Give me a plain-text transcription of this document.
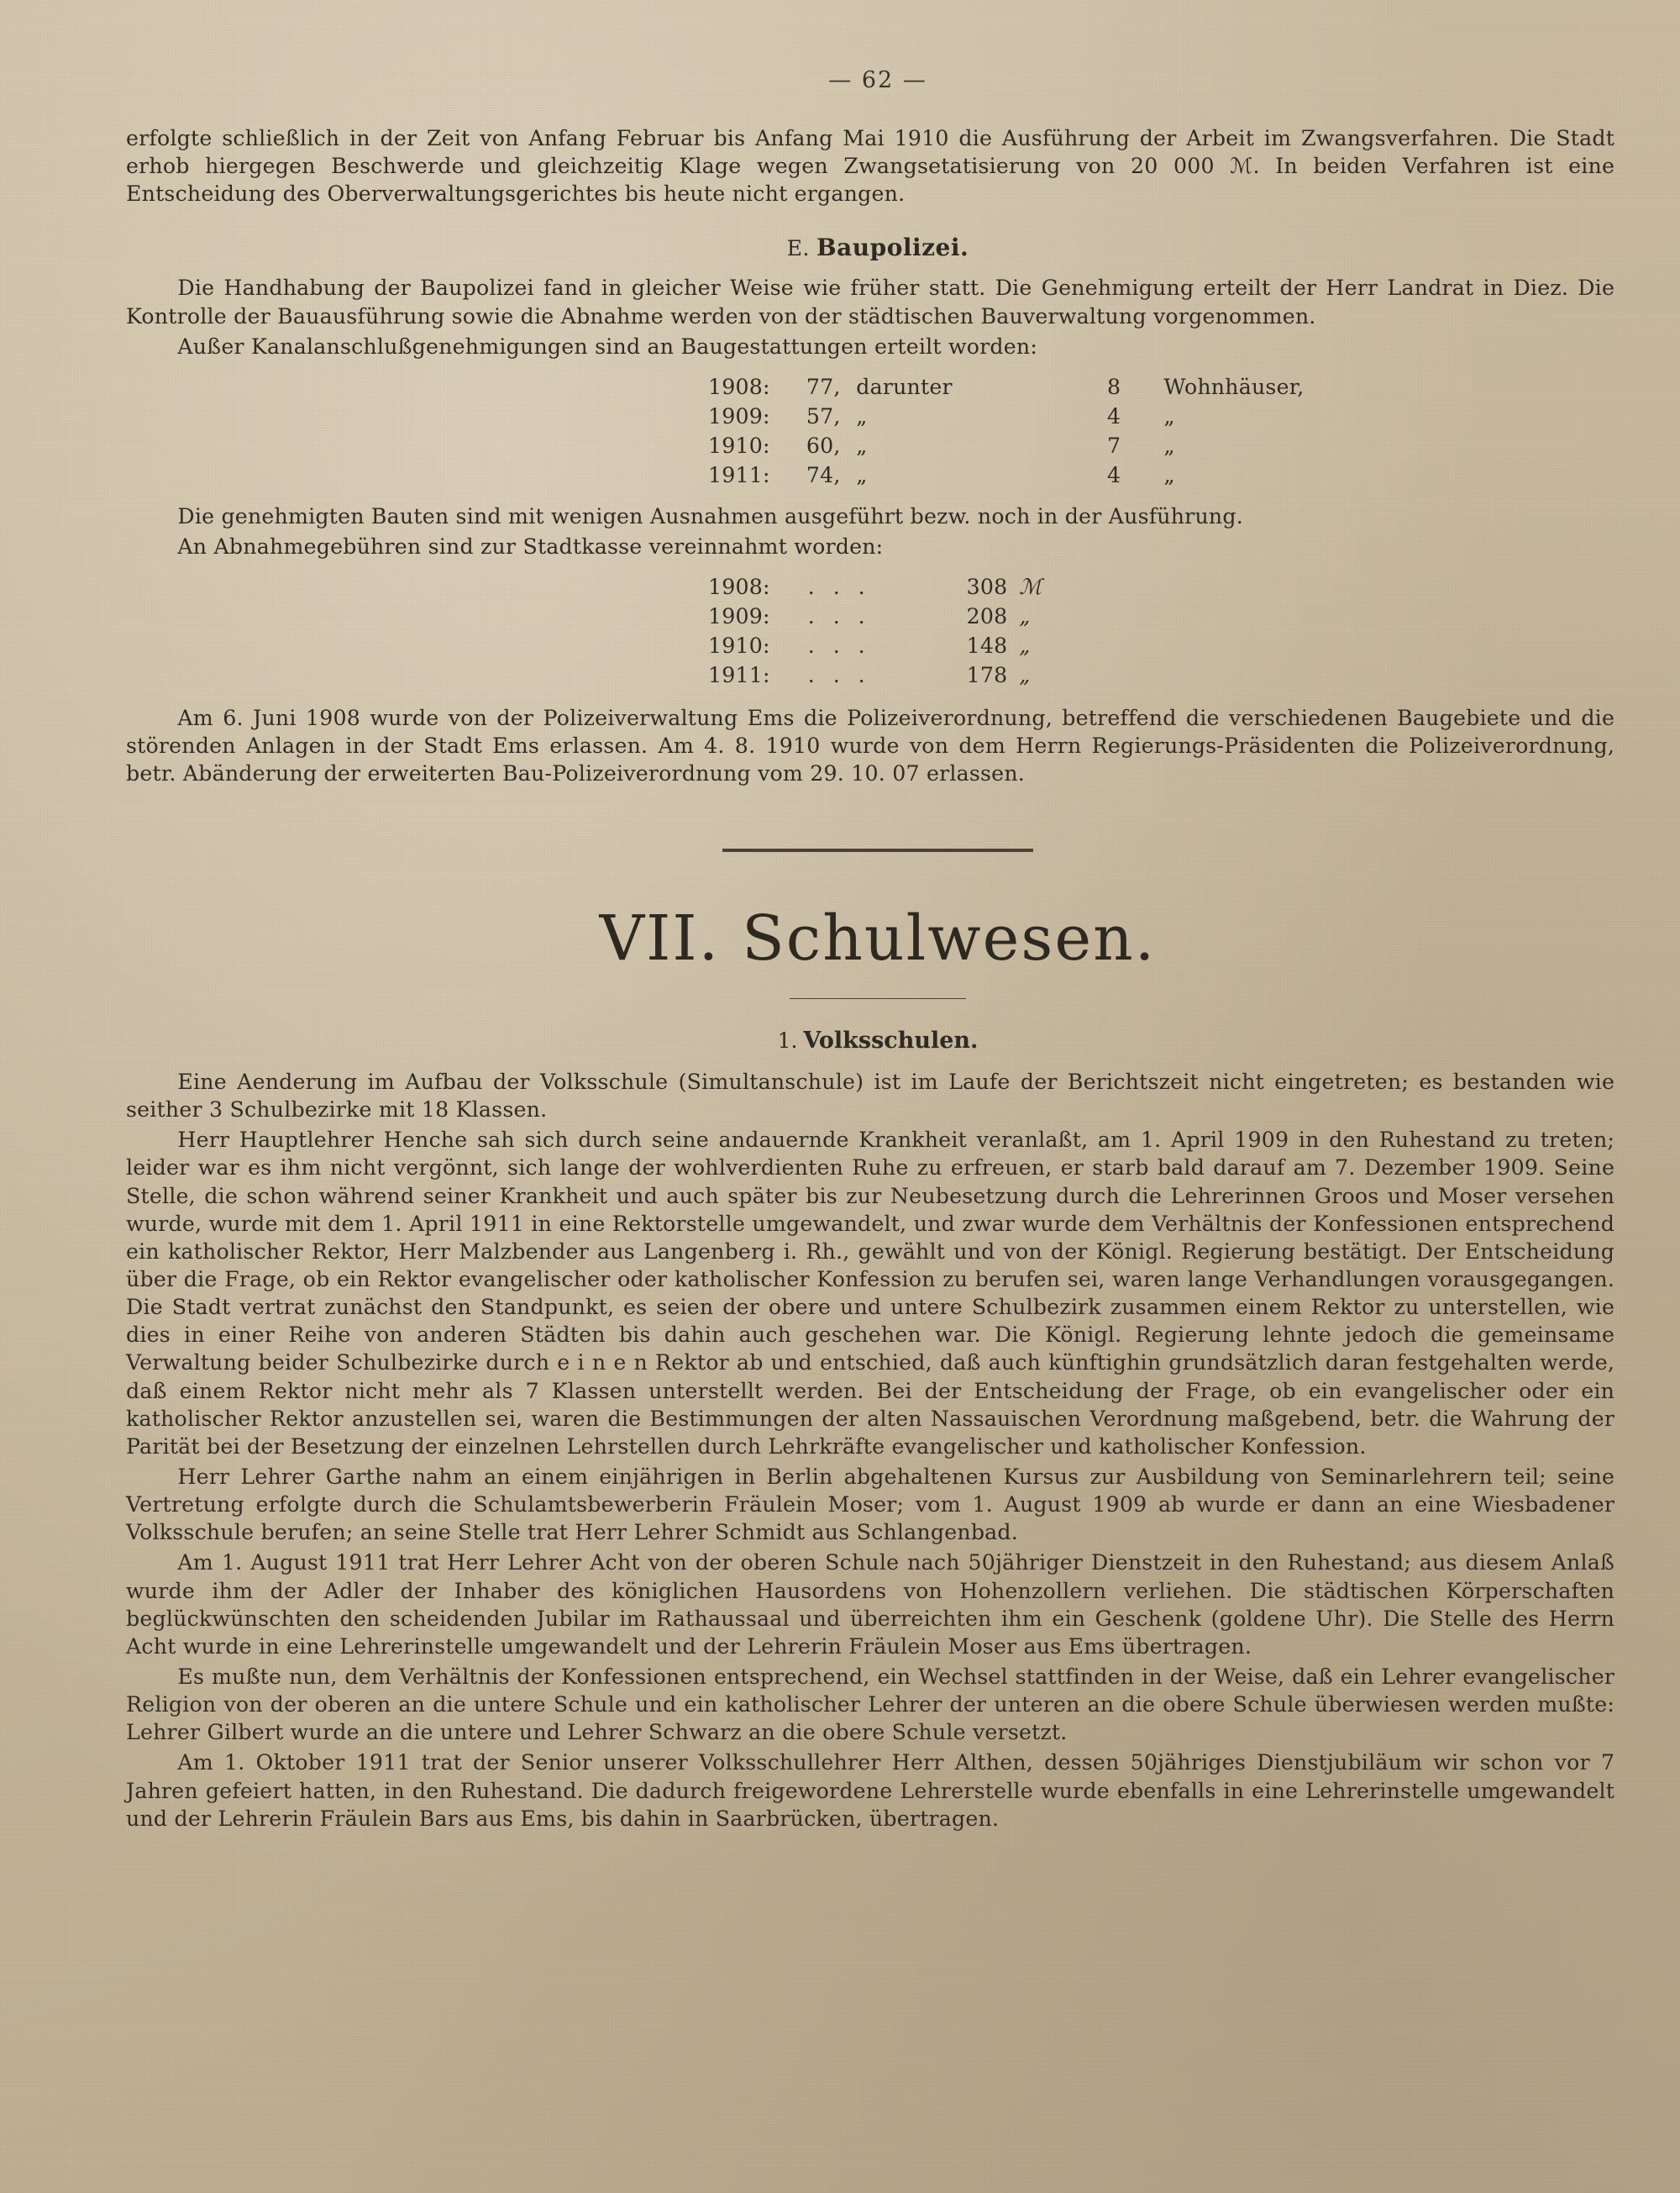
— 62 —

erfolgte schließlich in der Zeit von Anfang Februar bis Anfang Mai 1910 die Ausführung der Arbeit im Zwangsverfahren. Die Stadt erhob hiergegen Beschwerde und gleichzeitig Klage wegen Zwangsetatisierung von 20 000 ℳ. In beiden Verfahren ist eine Entscheidung des Oberverwaltungsgerichtes bis heute nicht ergangen.

E. Baupolizei.

Die Handhabung der Baupolizei fand in gleicher Weise wie früher statt. Die Genehmigung erteilt der Herr Landrat in Diez. Die Kontrolle der Bauausführung sowie die Abnahme werden von der städtischen Bauverwaltung vorgenommen.

Außer Kanalanschlußgenehmigungen sind an Baugestattungen erteilt worden:

1908:	77, darunter	8	Wohnhäuser,
1909:	57, „	4	„
1910:	60, „	7	„
1911:	74, „	4	„

Die genehmigten Bauten sind mit wenigen Ausnahmen ausgeführt bezw. noch in der Ausführung.

An Abnahmegebühren sind zur Stadtkasse vereinnahmt worden:

1908:	. . .	308 ℳ
1909:	. . .	208 „
1910:	. . .	148 „
1911:	. . .	178 „

Am 6. Juni 1908 wurde von der Polizeiverwaltung Ems die Polizeiverordnung, betreffend die verschiedenen Baugebiete und die störenden Anlagen in der Stadt Ems erlassen. Am 4. 8. 1910 wurde von dem Herrn Regierungs-Präsidenten die Polizeiverordnung, betr. Abänderung der erweiterten Bau-Polizeiverordnung vom 29. 10. 07 erlassen.

VII. Schulwesen.
1. Volksschulen.

Eine Aenderung im Aufbau der Volksschule (Simultanschule) ist im Laufe der Berichtszeit nicht eingetreten; es bestanden wie seither 3 Schulbezirke mit 18 Klassen.

Herr Hauptlehrer Henche sah sich durch seine andauernde Krankheit veranlaßt, am 1. April 1909 in den Ruhestand zu treten; leider war es ihm nicht vergönnt, sich lange der wohlverdienten Ruhe zu erfreuen, er starb bald darauf am 7. Dezember 1909. Seine Stelle, die schon während seiner Krankheit und auch später bis zur Neubesetzung durch die Lehrerinnen Groos und Moser versehen wurde, wurde mit dem 1. April 1911 in eine Rektorstelle umgewandelt, und zwar wurde dem Verhältnis der Konfessionen entsprechend ein katholischer Rektor, Herr Malzbender aus Langenberg i. Rh., gewählt und von der Königl. Regierung bestätigt. Der Entscheidung über die Frage, ob ein Rektor evangelischer oder katholischer Konfession zu berufen sei, waren lange Verhandlungen vorausgegangen. Die Stadt vertrat zunächst den Standpunkt, es seien der obere und untere Schulbezirk zusammen einem Rektor zu unterstellen, wie dies in einer Reihe von anderen Städten bis dahin auch geschehen war. Die Königl. Regierung lehnte jedoch die gemeinsame Verwaltung beider Schulbezirke durch e i n e n Rektor ab und entschied, daß auch künftighin grundsätzlich daran festgehalten werde, daß einem Rektor nicht mehr als 7 Klassen unterstellt werden. Bei der Entscheidung der Frage, ob ein evangelischer oder ein katholischer Rektor anzustellen sei, waren die Bestimmungen der alten Nassauischen Verordnung maßgebend, betr. die Wahrung der Parität bei der Besetzung der einzelnen Lehrstellen durch Lehrkräfte evangelischer und katholischer Konfession.

Herr Lehrer Garthe nahm an einem einjährigen in Berlin abgehaltenen Kursus zur Ausbildung von Seminarlehrern teil; seine Vertretung erfolgte durch die Schulamtsbewerberin Fräulein Moser; vom 1. August 1909 ab wurde er dann an eine Wiesbadener Volksschule berufen; an seine Stelle trat Herr Lehrer Schmidt aus Schlangenbad.

Am 1. August 1911 trat Herr Lehrer Acht von der oberen Schule nach 50jähriger Dienstzeit in den Ruhestand; aus diesem Anlaß wurde ihm der Adler der Inhaber des königlichen Hausordens von Hohenzollern verliehen. Die städtischen Körperschaften beglückwünschten den scheidenden Jubilar im Rathaussaal und überreichten ihm ein Geschenk (goldene Uhr). Die Stelle des Herrn Acht wurde in eine Lehrerinstelle umgewandelt und der Lehrerin Fräulein Moser aus Ems übertragen.

Es mußte nun, dem Verhältnis der Konfessionen entsprechend, ein Wechsel stattfinden in der Weise, daß ein Lehrer evangelischer Religion von der oberen an die untere Schule und ein katholischer Lehrer der unteren an die obere Schule überwiesen werden mußte: Lehrer Gilbert wurde an die untere und Lehrer Schwarz an die obere Schule versetzt.

Am 1. Oktober 1911 trat der Senior unserer Volksschullehrer Herr Althen, dessen 50jähriges Dienstjubiläum wir schon vor 7 Jahren gefeiert hatten, in den Ruhestand. Die dadurch freigewordene Lehrerstelle wurde ebenfalls in eine Lehrerinstelle umgewandelt und der Lehrerin Fräulein Bars aus Ems, bis dahin in Saarbrücken, übertragen.
